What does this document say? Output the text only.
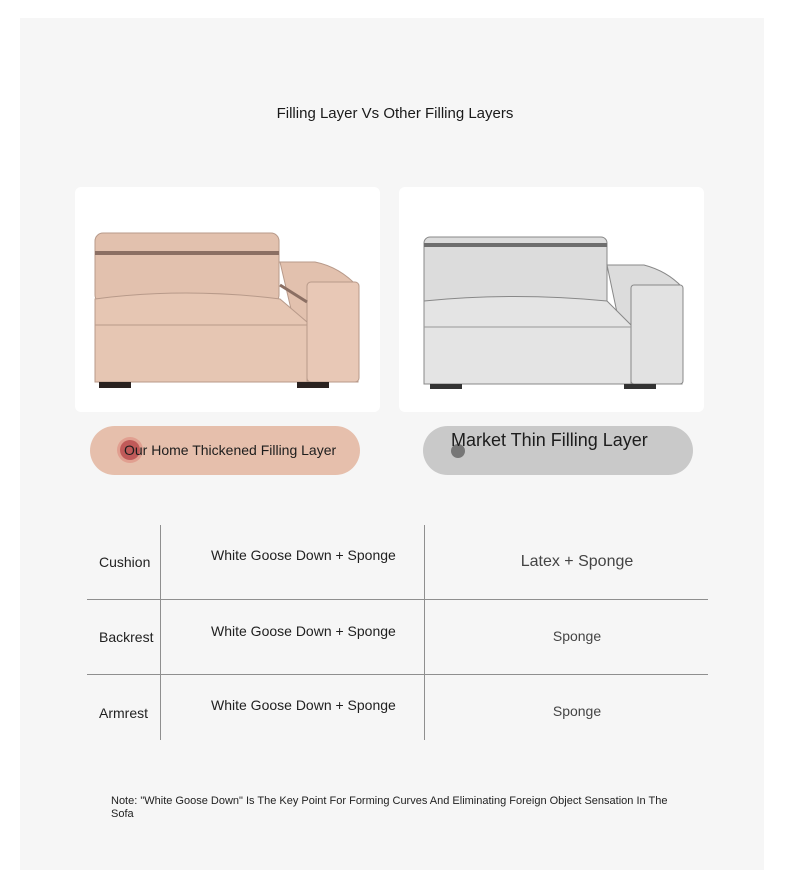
Filling Layer Vs Other Filling Layers
Our Home Thickened Filling Layer	Market Thin Filling Layer
Cushion	White Goose Down + Sponge	Latex + Sponge
Backrest	White Goose Down + Sponge	Sponge
Armrest	White Goose Down + Sponge	Sponge
Note: "White Goose Down" Is The Key Point For Forming Curves And Eliminating Foreign Object Sensation In The Sofa
